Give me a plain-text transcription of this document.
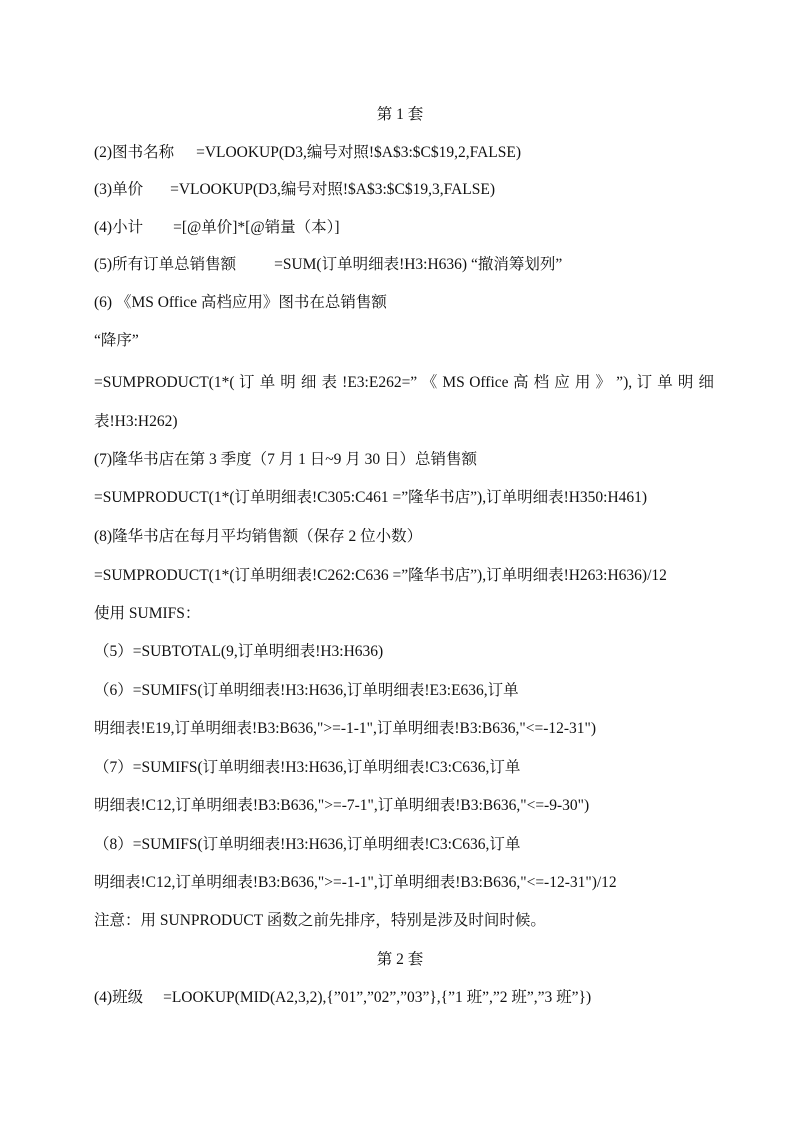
第 1 套
(2)图书名称 =VLOOKUP(D3,编号对照!$A$3:$C$19,2,FALSE)
(3)单价 =VLOOKUP(D3,编号对照!$A$3:$C$19,3,FALSE)
(4)小计 =[@单价]*[@销量（本）]
(5)所有订单总销售额 =SUM(订单明细表!H3:H636) “撤消筹划列”
(6) 《MS Office 高档应用》图书在总销售额
“降序”
=SUMPRODUCT(1*( 订 单 明 细 表 !E3:E262=” 《 MS Office 高 档 应 用 》 ”), 订 单 明 细
表!H3:H262)
(7)隆华书店在第 3 季度（7 月 1 日~9 月 30 日）总销售额
=SUMPRODUCT(1*(订单明细表!C305:C461 =”隆华书店”),订单明细表!H350:H461)
(8)隆华书店在每月平均销售额（保存 2 位小数）
=SUMPRODUCT(1*(订单明细表!C262:C636 =”隆华书店”),订单明细表!H263:H636)/12
使用 SUMIFS：
（5）=SUBTOTAL(9,订单明细表!H3:H636)
（6）=SUMIFS(订单明细表!H3:H636,订单明细表!E3:E636,订单
明细表!E19,订单明细表!B3:B636,">=-1-1",订单明细表!B3:B636,"<=-12-31")
（7）=SUMIFS(订单明细表!H3:H636,订单明细表!C3:C636,订单
明细表!C12,订单明细表!B3:B636,">=-7-1",订单明细表!B3:B636,"<=-9-30")
（8）=SUMIFS(订单明细表!H3:H636,订单明细表!C3:C636,订单
明细表!C12,订单明细表!B3:B636,">=-1-1",订单明细表!B3:B636,"<=-12-31")/12
注意：用 SUNPRODUCT 函数之前先排序，特别是涉及时间时候。
第 2 套
(4)班级 =LOOKUP(MID(A2,3,2),{”01”,”02”,”03”},{”1 班”,”2 班”,”3 班”})
